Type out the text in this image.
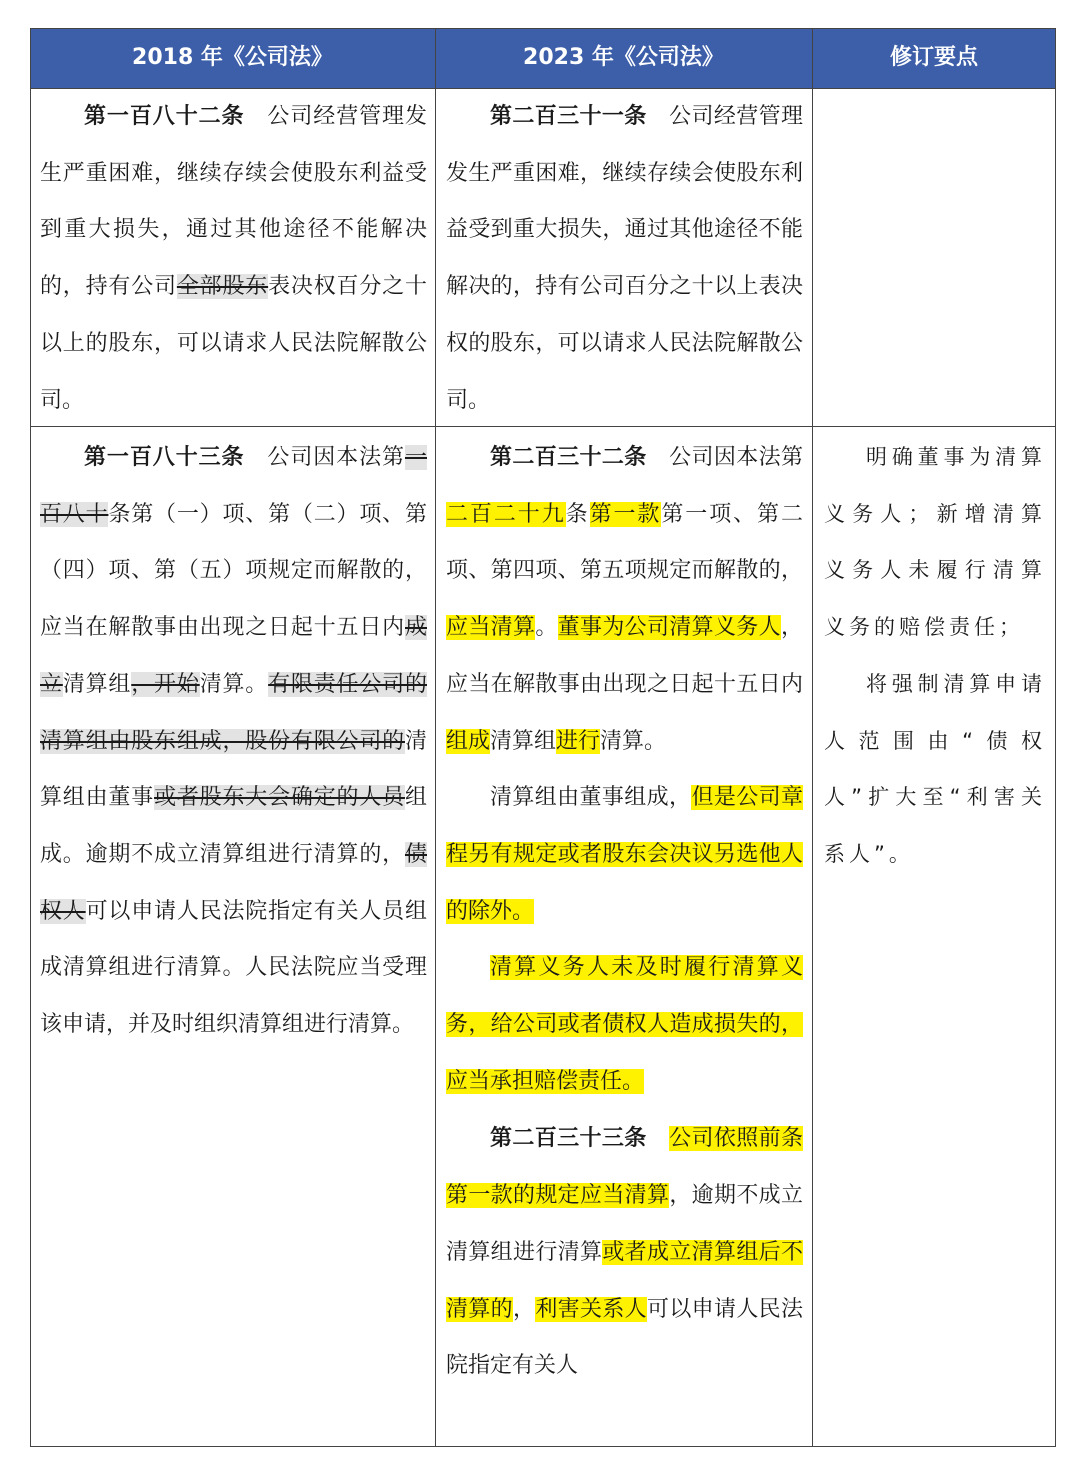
2018 年《公司法》	2023 年《公司法》	修订要点

第一百八十二条　公司经营管理发生严重困难，继续存续会使股东利益受到重大损失，通过其他途径不能解决的，持有公司全部股东表决权百分之十以上的股东，可以请求人民法院解散公司。

第二百三十一条　公司经营管理发生严重困难，继续存续会使股东利益受到重大损失，通过其他途径不能解决的，持有公司百分之十以上表决权的股东，可以请求人民法院解散公司。

第一百八十三条　公司因本法第一百八十条第（一）项、第（二）项、第（四）项、第（五）项规定而解散的，应当在解散事由出现之日起十五日内成立清算组，开始清算。有限责任公司的清算组由股东组成，股份有限公司的清算组由董事或者股东大会确定的人员组成。逾期不成立清算组进行清算的，债权人可以申请人民法院指定有关人员组成清算组进行清算。人民法院应当受理该申请，并及时组织清算组进行清算。

第二百三十二条　公司因本法第二百二十九条第一款第一项、第二项、第四项、第五项规定而解散的，应当清算。董事为公司清算义务人，应当在解散事由出现之日起十五日内组成清算组进行清算。

清算组由董事组成，但是公司章程另有规定或者股东会决议另选他人的除外。

清算义务人未及时履行清算义务，给公司或者债权人造成损失的，应当承担赔偿责任。

第二百三十三条　 公司依照前条第一款的规定应当清算，逾期不成立清算组进行清算或者成立清算组后不清算的，利害关系人可以申请人民法院指定有关人

明确董事为清算义务人；新增清算义务人未履行清算义务的赔偿责任；

将强制清算申请人范围由“债权人”扩大至“利害关系人”。
